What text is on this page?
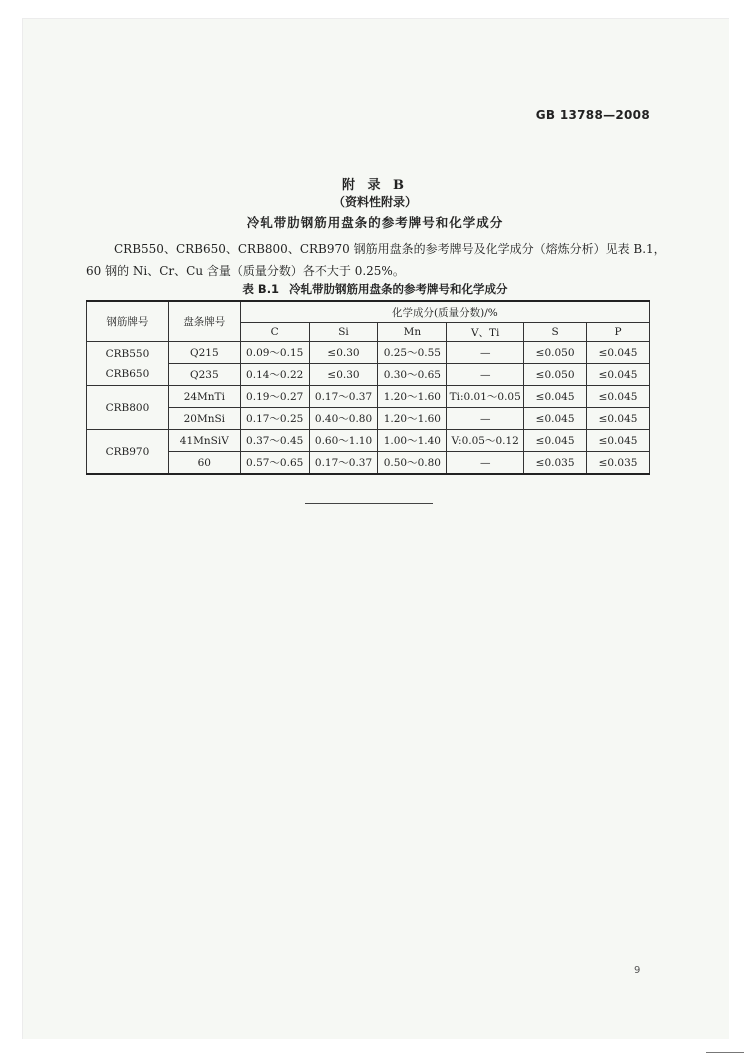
GB 13788—2008
附 录 B
（资料性附录）
冷轧带肋钢筋用盘条的参考牌号和化学成分

CRB550、CRB650、CRB800、CRB970 钢筋用盘条的参考牌号及化学成分（熔炼分析）见表 B.1，

60 钢的 Ni、Cr、Cu 含量（质量分数）各不大于 0.25%。

表 B.1 冷轧带肋钢筋用盘条的参考牌号和化学成分
钢筋牌号	盘条牌号	化学成分(质量分数)/%					
		C	Si	Mn	V、Ti	S	P

CRB550
CRB650	Q215	0.09～0.15	≤0.30	0.25～0.55	—	≤0.050	≤0.045
	Q235	0.14～0.22	≤0.30	0.30～0.65	—	≤0.050	≤0.045

CRB800	24MnTi	0.19～0.27	0.17～0.37	1.20～1.60	Ti:0.01～0.05	≤0.045	≤0.045
	20MnSi	0.17～0.25	0.40～0.80	1.20～1.60	—	≤0.045	≤0.045

CRB970	41MnSiV	0.37～0.45	0.60～1.10	1.00～1.40	V:0.05～0.12	≤0.045	≤0.045
	60	0.57～0.65	0.17～0.37	0.50～0.80	—	≤0.035	≤0.035
9
